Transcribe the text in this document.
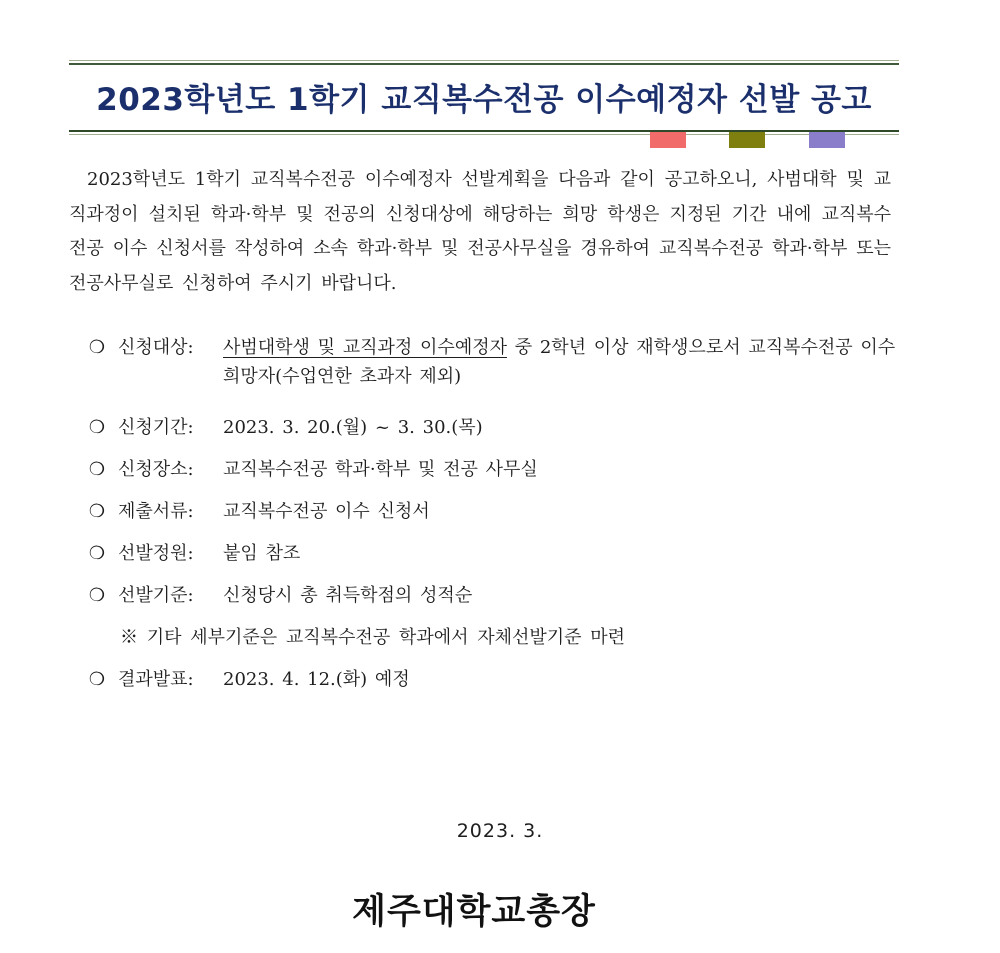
2023학년도 1학기 교직복수전공 이수예정자 선발 공고

2023학년도 1학기 교직복수전공 이수예정자 선발계획을 다음과 같이 공고하오니, 사범대학 및 교직과정이 설치된 학과·학부 및 전공의 신청대상에 해당하는 희망 학생은 지정된 기간 내에 교직복수전공 이수 신청서를 작성하여 소속 학과·학부 및 전공사무실을 경유하여 교직복수전공 학과·학부 또는 전공사무실로 신청하여 주시기 바랍니다.

❍ 신청대상: 사범대학생 및 교직과정 이수예정자 중 2학년 이상 재학생으로서 교직복수전공 이수 희망자(수업연한 초과자 제외)
❍ 신청기간: 2023. 3. 20.(월) ~ 3. 30.(목)
❍ 신청장소: 교직복수전공 학과·학부 및 전공 사무실
❍ 제출서류: 교직복수전공 이수 신청서
❍ 선발정원: 붙임 참조
❍ 선발기준: 신청당시 총 취득학점의 성적순
※ 기타 세부기준은 교직복수전공 학과에서 자체선발기준 마련
❍ 결과발표: 2023. 4. 12.(화) 예정
2023. 3.
제주대학교총장
